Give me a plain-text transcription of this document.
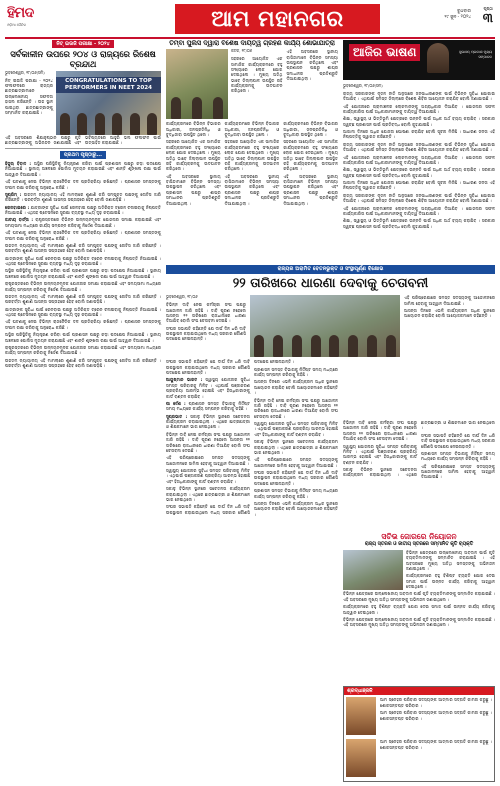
ହିମଦ
ଓଡ଼ିଆ ଦୈନିକ	ଆମ ମହାନଗର	ବୁଧବାର
୧୯ ଜୁନ - ୨୦୨୪
ପୃଷ୍ଠା
୩
ନିଟ୍ ଇଉଜି ପରୀକ୍ଷା - ୨୦୨୪
ସର୍ବକାଳୀନ ଉପରେ ୨୦୪ ଓ ରାଜ୍ୟରେ ରିଶେଷ ବ୍ରନ୍ଦାଥ
ଭୁବନେଶ୍ୱର, ୧୮/୦୬(ସମି)

ନିଟ୍ ଇଉଜି ପରୀକ୍ଷା - ୨୦୨୪ ଫଳାଫଳରେ ରାଜ୍ୟର ଛାତ୍ରଛାତ୍ରୀମାନେ ଉଲ୍ଲେଖନୀୟ ସଫଳତା ହାସଲ କରିଛନ୍ତି । ଉଚ୍ଚ ସ୍ଥାନ ପାଇଥିବା ଛାତ୍ରଛାତ୍ରୀଙ୍କୁ ସମ୍ମାନିତ କରାଯାଇଛି ।

CONGRATULATIONS TO TOP PERFORMERS IN NEET 2024

ଏହି ଅବସରରେ ଶିକ୍ଷାନୁଷ୍ଠାନ ପକ୍ଷରୁ କୃତି ଛାତ୍ରଛାତ୍ରୀଙ୍କୁ ଅଭିନନ୍ଦନ ଜଣାଯାଇଛି ଏବଂ ଭବିଷ୍ୟତରେ ଆହୁରି ଭଲ ଫଳାଫଳ ପାଇଁ ଉତ୍ସାହିତ କରାଯାଇଛି ।

ପ୍ରଥମ ପୃଷ୍ଠାରୁ...

ହିଜୁଲ୍ ବିବାଦ : ଅସ୍ଥିର ପରିସ୍ଥିତିକୁ ନିୟନ୍ତ୍ରଣ କରିବା ପାଇଁ ପ୍ରଶାସନ ପକ୍ଷରୁ କଡ଼ା ପଦକ୍ଷେପ ନିଆଯାଇଛି । ସ୍ଥାନୀୟ ଅଞ୍ଚଳରେ ପୋଲିସ ମୁତୟନ କରାଯାଇଛି ଏବଂ ଶାନ୍ତି ଶୃଙ୍ଖଳା ରକ୍ଷା ପାଇଁ ଆହ୍ୱାନ ଦିଆଯାଇଛି ।

ଏହି ଘଟଣାକୁ ନେଇ ବିଭିନ୍ନ ରାଜନୈତିକ ଦଳ ପ୍ରତିକ୍ରିୟା ରଖିଛନ୍ତି । ପ୍ରଶାସନ ସମସ୍ତଙ୍କୁ ସଂଯମ ରକ୍ଷା କରିବାକୁ ଅନୁରୋଧ କରିଛି ।

ସୁପ୍ରିମ୍ : ଉଚ୍ଚତମ ନ୍ୟାୟାଳୟ ଏହି ମାମଲାରେ ଶୁଣାଣି କରି ସମ୍ପୃକ୍ତ ପକ୍ଷଙ୍କୁ ନୋଟିସ ଜାରି କରିଛନ୍ତି । ପରବର୍ତ୍ତୀ ଶୁଣାଣି ଆସନ୍ତା ସପ୍ତାହରେ ହେବ ବୋଲି ଜଣାପଡ଼ିଛି ।

ରେଳବାଇରେ : ଯାତ୍ରୀଙ୍କ ସୁବିଧା ପାଇଁ ରେଳବାଇ ପକ୍ଷରୁ ଅତିରିକ୍ତ ଟ୍ରେନ ଚଳାଇବାକୁ ନିଷ୍ପତ୍ତି ନିଆଯାଇଛି । ଏଥିସହ ଷ୍ଟେସନରେ ସୁରକ୍ଷା ବ୍ୟବସ୍ଥା ମଧ୍ୟ ଦୃଢ଼ କରାଯାଇଛି ।

ଜାତୀୟ ବାର୍ତ୍ତା : ରାଷ୍ଟ୍ରସ୍ତରରେ ବିଭିନ୍ନ ଉନ୍ନୟନମୂଳକ ଯୋଜନାର ସମୀକ୍ଷା କରାଯାଇଛି ଏବଂ ସମୟସୀମା ମଧ୍ୟରେ କାର୍ଯ୍ୟ ସମ୍ପନ୍ନ କରିବାକୁ ନିର୍ଦ୍ଦେଶ ଦିଆଯାଇଛି ।

ଏହି ଘଟଣାକୁ ନେଇ ବିଭିନ୍ନ ରାଜନୈତିକ ଦଳ ପ୍ରତିକ୍ରିୟା ରଖିଛନ୍ତି । ପ୍ରଶାସନ ସମସ୍ତଙ୍କୁ ସଂଯମ ରକ୍ଷା କରିବାକୁ ଅନୁରୋଧ କରିଛି ।

ଉଚ୍ଚତମ ନ୍ୟାୟାଳୟ ଏହି ମାମଲାରେ ଶୁଣାଣି କରି ସମ୍ପୃକ୍ତ ପକ୍ଷଙ୍କୁ ନୋଟିସ ଜାରି କରିଛନ୍ତି । ପରବର୍ତ୍ତୀ ଶୁଣାଣି ଆସନ୍ତା ସପ୍ତାହରେ ହେବ ବୋଲି ଜଣାପଡ଼ିଛି ।

ଯାତ୍ରୀଙ୍କ ସୁବିଧା ପାଇଁ ରେଳବାଇ ପକ୍ଷରୁ ଅତିରିକ୍ତ ଟ୍ରେନ ଚଳାଇବାକୁ ନିଷ୍ପତ୍ତି ନିଆଯାଇଛି । ଏଥିସହ ଷ୍ଟେସନରେ ସୁରକ୍ଷା ବ୍ୟବସ୍ଥା ମଧ୍ୟ ଦୃଢ଼ କରାଯାଇଛି ।

ଅସ୍ଥିର ପରିସ୍ଥିତିକୁ ନିୟନ୍ତ୍ରଣ କରିବା ପାଇଁ ପ୍ରଶାସନ ପକ୍ଷରୁ କଡ଼ା ପଦକ୍ଷେପ ନିଆଯାଇଛି । ସ୍ଥାନୀୟ ଅଞ୍ଚଳରେ ପୋଲିସ ମୁତୟନ କରାଯାଇଛି ଏବଂ ଶାନ୍ତି ଶୃଙ୍ଖଳା ରକ୍ଷା ପାଇଁ ଆହ୍ୱାନ ଦିଆଯାଇଛି ।

ରାଷ୍ଟ୍ରସ୍ତରରେ ବିଭିନ୍ନ ଉନ୍ନୟନମୂଳକ ଯୋଜନାର ସମୀକ୍ଷା କରାଯାଇଛି ଏବଂ ସମୟସୀମା ମଧ୍ୟରେ କାର୍ଯ୍ୟ ସମ୍ପନ୍ନ କରିବାକୁ ନିର୍ଦ୍ଦେଶ ଦିଆଯାଇଛି ।

ଉଚ୍ଚତମ ନ୍ୟାୟାଳୟ ଏହି ମାମଲାରେ ଶୁଣାଣି କରି ସମ୍ପୃକ୍ତ ପକ୍ଷଙ୍କୁ ନୋଟିସ ଜାରି କରିଛନ୍ତି । ପରବର୍ତ୍ତୀ ଶୁଣାଣି ଆସନ୍ତା ସପ୍ତାହରେ ହେବ ବୋଲି ଜଣାପଡ଼ିଛି ।

ଯାତ୍ରୀଙ୍କ ସୁବିଧା ପାଇଁ ରେଳବାଇ ପକ୍ଷରୁ ଅତିରିକ୍ତ ଟ୍ରେନ ଚଳାଇବାକୁ ନିଷ୍ପତ୍ତି ନିଆଯାଇଛି । ଏଥିସହ ଷ୍ଟେସନରେ ସୁରକ୍ଷା ବ୍ୟବସ୍ଥା ମଧ୍ୟ ଦୃଢ଼ କରାଯାଇଛି ।

ଏହି ଘଟଣାକୁ ନେଇ ବିଭିନ୍ନ ରାଜନୈତିକ ଦଳ ପ୍ରତିକ୍ରିୟା ରଖିଛନ୍ତି । ପ୍ରଶାସନ ସମସ୍ତଙ୍କୁ ସଂଯମ ରକ୍ଷା କରିବାକୁ ଅନୁରୋଧ କରିଛି ।

ଅସ୍ଥିର ପରିସ୍ଥିତିକୁ ନିୟନ୍ତ୍ରଣ କରିବା ପାଇଁ ପ୍ରଶାସନ ପକ୍ଷରୁ କଡ଼ା ପଦକ୍ଷେପ ନିଆଯାଇଛି । ସ୍ଥାନୀୟ ଅଞ୍ଚଳରେ ପୋଲିସ ମୁତୟନ କରାଯାଇଛି ଏବଂ ଶାନ୍ତି ଶୃଙ୍ଖଳା ରକ୍ଷା ପାଇଁ ଆହ୍ୱାନ ଦିଆଯାଇଛି ।

ରାଷ୍ଟ୍ରସ୍ତରରେ ବିଭିନ୍ନ ଉନ୍ନୟନମୂଳକ ଯୋଜନାର ସମୀକ୍ଷା କରାଯାଇଛି ଏବଂ ସମୟସୀମା ମଧ୍ୟରେ କାର୍ଯ୍ୟ ସମ୍ପନ୍ନ କରିବାକୁ ନିର୍ଦ୍ଦେଶ ଦିଆଯାଇଛି ।

ଉଚ୍ଚତମ ନ୍ୟାୟାଳୟ ଏହି ମାମଲାରେ ଶୁଣାଣି କରି ସମ୍ପୃକ୍ତ ପକ୍ଷଙ୍କୁ ନୋଟିସ ଜାରି କରିଛନ୍ତି । ପରବର୍ତ୍ତୀ ଶୁଣାଣି ଆସନ୍ତା ସପ୍ତାହରେ ହେବ ବୋଲି ଜଣାପଡ଼ିଛି ।

ତିମ୍ବା ପୁଲିସ ଦ୍ୱାରା ବିଶେଷ ଦାୟିତ୍ୱ ଗ୍ରହଣ କାର୍ଯ୍ୟ ଶୋଭାଯାତ୍ରା
କଟକ, ୧୮/୦୬

ସହରରେ ଆୟୋଜିତ ଏକ ସାମାଜିକ କାର୍ଯ୍ୟକ୍ରମରେ ବହୁ ସଂଖ୍ୟାରେ ଲୋକ ଯୋଗ ଦେଇଥିଲେ । ମୁଖ୍ୟ ଅତିଥି ଭାବେ ଜିଲ୍ଲାପାଳ ଉପସ୍ଥିତ ରହି କାର୍ଯ୍ୟକ୍ରମକୁ ଉଦଘାଟନ କରିଥିଲେ ।

ଏହି ଅବସରରେ ସ୍ଥାନୀୟ ବାସିନ୍ଦାମାନେ ବିଭିନ୍ନ ସମସ୍ୟା ଉପସ୍ଥାପନ କରିଥିଲେ ଏବଂ ପ୍ରଶାସନ ପକ୍ଷରୁ ଶୀଘ୍ର ସମାଧାନର ପ୍ରତିଶ୍ରୁତି ଦିଆଯାଇଥିଲା ।

କାର୍ଯ୍ୟକ୍ରମରେ ବିଭିନ୍ନ ବିଭାଗର ଅଧିକାରୀ, ଜନପ୍ରତିନିଧି ଓ ବୁଦ୍ଧିଜୀବୀ ଉପସ୍ଥିତ ଥିଲେ ।

ସହରରେ ଆୟୋଜିତ ଏକ ସାମାଜିକ କାର୍ଯ୍ୟକ୍ରମରେ ବହୁ ସଂଖ୍ୟାରେ ଲୋକ ଯୋଗ ଦେଇଥିଲେ । ମୁଖ୍ୟ ଅତିଥି ଭାବେ ଜିଲ୍ଲାପାଳ ଉପସ୍ଥିତ ରହି କାର୍ଯ୍ୟକ୍ରମକୁ ଉଦଘାଟନ କରିଥିଲେ ।

ଏହି ଅବସରରେ ସ୍ଥାନୀୟ ବାସିନ୍ଦାମାନେ ବିଭିନ୍ନ ସମସ୍ୟା ଉପସ୍ଥାପନ କରିଥିଲେ ଏବଂ ପ୍ରଶାସନ ପକ୍ଷରୁ ଶୀଘ୍ର ସମାଧାନର ପ୍ରତିଶ୍ରୁତି ଦିଆଯାଇଥିଲା ।

କାର୍ଯ୍ୟକ୍ରମରେ ବିଭିନ୍ନ ବିଭାଗର ଅଧିକାରୀ, ଜନପ୍ରତିନିଧି ଓ ବୁଦ୍ଧିଜୀବୀ ଉପସ୍ଥିତ ଥିଲେ ।

ସହରରେ ଆୟୋଜିତ ଏକ ସାମାଜିକ କାର୍ଯ୍ୟକ୍ରମରେ ବହୁ ସଂଖ୍ୟାରେ ଲୋକ ଯୋଗ ଦେଇଥିଲେ । ମୁଖ୍ୟ ଅତିଥି ଭାବେ ଜିଲ୍ଲାପାଳ ଉପସ୍ଥିତ ରହି କାର୍ଯ୍ୟକ୍ରମକୁ ଉଦଘାଟନ କରିଥିଲେ ।

ଏହି ଅବସରରେ ସ୍ଥାନୀୟ ବାସିନ୍ଦାମାନେ ବିଭିନ୍ନ ସମସ୍ୟା ଉପସ୍ଥାପନ କରିଥିଲେ ଏବଂ ପ୍ରଶାସନ ପକ୍ଷରୁ ଶୀଘ୍ର ସମାଧାନର ପ୍ରତିଶ୍ରୁତି ଦିଆଯାଇଥିଲା ।

କାର୍ଯ୍ୟକ୍ରମରେ ବିଭିନ୍ନ ବିଭାଗର ଅଧିକାରୀ, ଜନପ୍ରତିନିଧି ଓ ବୁଦ୍ଧିଜୀବୀ ଉପସ୍ଥିତ ଥିଲେ ।

ସହରରେ ଆୟୋଜିତ ଏକ ସାମାଜିକ କାର୍ଯ୍ୟକ୍ରମରେ ବହୁ ସଂଖ୍ୟାରେ ଲୋକ ଯୋଗ ଦେଇଥିଲେ । ମୁଖ୍ୟ ଅତିଥି ଭାବେ ଜିଲ୍ଲାପାଳ ଉପସ୍ଥିତ ରହି କାର୍ଯ୍ୟକ୍ରମକୁ ଉଦଘାଟନ କରିଥିଲେ ।

ଏହି ଅବସରରେ ସ୍ଥାନୀୟ ବାସିନ୍ଦାମାନେ ବିଭିନ୍ନ ସମସ୍ୟା ଉପସ୍ଥାପନ କରିଥିଲେ ଏବଂ ପ୍ରଶାସନ ପକ୍ଷରୁ ଶୀଘ୍ର ସମାଧାନର ପ୍ରତିଶ୍ରୁତି ଦିଆଯାଇଥିଲା ।

ଆଜିର ଭାଷଣ	ସୁଭାସନ୍ ପ୍ରକାଶ ମୁଖ୍ୟ ସମ୍ପାଦକ
ଭୁବନେଶ୍ୱର, ୧୮/୦୬(ସମି)

ରାଜ୍ୟ ସରକାରଙ୍କ ନୂତନ ନୀତି ଅନୁସାରେ ଜନସାଧାରଣଙ୍କ ପାଇଁ ବିଭିନ୍ନ ସୁବିଧା ଯୋଗାଇ ଦିଆଯିବ । ଏଥିପାଇଁ ସମସ୍ତ ଜିଲ୍ଲାରେ ବିଶେଷ ଶିବିର ଆୟୋଜନ କରାଯିବ ବୋଲି ଜଣାଯାଇଛି ।

ଏହି ଯୋଜନାରେ ଗ୍ରାମାଞ୍ଚଳର ଲୋକମାନଙ୍କୁ ଅଗ୍ରାଧିକାର ଦିଆଯିବ । ଯୋଜନାର ସଫଳ କାର୍ଯ୍ୟକାରିତା ପାଇଁ ଅଧିକାରୀମାନଙ୍କୁ ଦାୟିତ୍ୱ ଦିଆଯାଇଛି ।

ଶିକ୍ଷା, ସ୍ୱାସ୍ଥ୍ୟ ଓ ଭିତ୍ତିଭୂମି କ୍ଷେତ୍ରରେ ଉନ୍ନତି ପାଇଁ ଅଧିକ ଅର୍ଥ ବ୍ୟୟ କରାଯିବ । ସରକାର ସ୍ୱଚ୍ଛ ପ୍ରଶାସନ ପାଇଁ ପ୍ରତିବଦ୍ଧ ବୋଲି କୁହାଯାଇଛି ।

ଆଗାମୀ ଦିନରେ ଅଧିକ ଯୋଜନା ଘୋଷଣା କରାଯିବ ବୋଲି ସୂଚନା ମିଳିଛି । ସାଧାରଣ ଜନତା ଏହି ନିଷ୍ପତ୍ତିକୁ ସ୍ୱାଗତ କରିଛନ୍ତି ।

ରାଜ୍ୟ ସରକାରଙ୍କ ନୂତନ ନୀତି ଅନୁସାରେ ଜନସାଧାରଣଙ୍କ ପାଇଁ ବିଭିନ୍ନ ସୁବିଧା ଯୋଗାଇ ଦିଆଯିବ । ଏଥିପାଇଁ ସମସ୍ତ ଜିଲ୍ଲାରେ ବିଶେଷ ଶିବିର ଆୟୋଜନ କରାଯିବ ବୋଲି ଜଣାଯାଇଛି ।

ଏହି ଯୋଜନାରେ ଗ୍ରାମାଞ୍ଚଳର ଲୋକମାନଙ୍କୁ ଅଗ୍ରାଧିକାର ଦିଆଯିବ । ଯୋଜନାର ସଫଳ କାର୍ଯ୍ୟକାରିତା ପାଇଁ ଅଧିକାରୀମାନଙ୍କୁ ଦାୟିତ୍ୱ ଦିଆଯାଇଛି ।

ଶିକ୍ଷା, ସ୍ୱାସ୍ଥ୍ୟ ଓ ଭିତ୍ତିଭୂମି କ୍ଷେତ୍ରରେ ଉନ୍ନତି ପାଇଁ ଅଧିକ ଅର୍ଥ ବ୍ୟୟ କରାଯିବ । ସରକାର ସ୍ୱଚ୍ଛ ପ୍ରଶାସନ ପାଇଁ ପ୍ରତିବଦ୍ଧ ବୋଲି କୁହାଯାଇଛି ।

ଆଗାମୀ ଦିନରେ ଅଧିକ ଯୋଜନା ଘୋଷଣା କରାଯିବ ବୋଲି ସୂଚନା ମିଳିଛି । ସାଧାରଣ ଜନତା ଏହି ନିଷ୍ପତ୍ତିକୁ ସ୍ୱାଗତ କରିଛନ୍ତି ।

ରାଜ୍ୟ ସରକାରଙ୍କ ନୂତନ ନୀତି ଅନୁସାରେ ଜନସାଧାରଣଙ୍କ ପାଇଁ ବିଭିନ୍ନ ସୁବିଧା ଯୋଗାଇ ଦିଆଯିବ । ଏଥିପାଇଁ ସମସ୍ତ ଜିଲ୍ଲାରେ ବିଶେଷ ଶିବିର ଆୟୋଜନ କରାଯିବ ବୋଲି ଜଣାଯାଇଛି ।

ଏହି ଯୋଜନାରେ ଗ୍ରାମାଞ୍ଚଳର ଲୋକମାନଙ୍କୁ ଅଗ୍ରାଧିକାର ଦିଆଯିବ । ଯୋଜନାର ସଫଳ କାର୍ଯ୍ୟକାରିତା ପାଇଁ ଅଧିକାରୀମାନଙ୍କୁ ଦାୟିତ୍ୱ ଦିଆଯାଇଛି ।

ଶିକ୍ଷା, ସ୍ୱାସ୍ଥ୍ୟ ଓ ଭିତ୍ତିଭୂମି କ୍ଷେତ୍ରରେ ଉନ୍ନତି ପାଇଁ ଅଧିକ ଅର୍ଥ ବ୍ୟୟ କରାଯିବ । ସରକାର ସ୍ୱଚ୍ଛ ପ୍ରଶାସନ ପାଇଁ ପ୍ରତିବଦ୍ଧ ବୋଲି କୁହାଯାଇଛି ।

ରାଜ୍ୟର ଅରାମିତ ବେତନଭୁକ୍ତ ଓ ସଂସ୍ଥାପୂର୍ଣ୍ଣ ବିକ୍ଷୋଭ
୨୨ ତାରିଖରେ ଧାରଣା ଦେବାକୁ ଚେତାବନୀ
ଭୁବନେଶ୍ୱର, ୧୮/୦୬

ବିଭିନ୍ନ ଦାବି ନେଇ କର୍ମଚାରୀ ସଂଘ ପକ୍ଷରୁ ଆନ୍ଦୋଳନ ଜାରି ରହିଛି । ଦାବି ପୂରଣ ନହେଲେ ଆସନ୍ତା ୨୨ ତାରିଖରେ ରାଜଧାନୀରେ ଧାରଣା ଦିଆଯିବ ବୋଲି ସଂଘ ଚେତାବନୀ ଦେଇଛି ।

ସଂଘର ସଭାପତି କହିଛନ୍ତି ଯେ ଦୀର୍ଘ ଦିନ ଧରି ଦାବି ଉପସ୍ଥାପନ କରାଯାଉଥିଲେ ମଧ୍ୟ ସରକାର କୌଣସି ପଦକ୍ଷେପ ନେଇନାହାନ୍ତି ।

ଏହି ପରିପ୍ରେକ୍ଷୀରେ ସମସ୍ତ ସଦସ୍ୟଙ୍କୁ ଆନ୍ଦୋଳନରେ ସାମିଲ ହେବାକୁ ଆହ୍ୱାନ ଦିଆଯାଇଛି ।

ଆସନ୍ତା ଦିନରେ ଏଭଳି କାର୍ଯ୍ୟକ୍ରମ ଅଧିକ ସ୍ଥାନରେ ଆୟୋଜନ କରାଯିବ ବୋଲି ଆୟୋଜକମାନେ କହିଛନ୍ତି ।

ସଂଘର ସଭାପତି କହିଛନ୍ତି ଯେ ଦୀର୍ଘ ଦିନ ଧରି ଦାବି ଉପସ୍ଥାପନ କରାଯାଉଥିଲେ ମଧ୍ୟ ସରକାର କୌଣସି ପଦକ୍ଷେପ ନେଇନାହାନ୍ତି ।

ଆୟୁଷ୍ମାନ ଭାରତ : ସ୍ୱାସ୍ଥ୍ୟ ଯୋଜନାର ସୁବିଧା ସମସ୍ତ ପରିବାରକୁ ମିଳିବ । ଏଥିପାଇଁ ପଞ୍ଜୀକରଣ ପ୍ରକ୍ରିୟା ଆରମ୍ଭ ହୋଇଛି ଏବଂ ହିତାଧିକାରୀଙ୍କୁ କାର୍ଡ ବଣ୍ଟନ କରାଯିବ ।

ପୀ ର୍ଦ୍ଦେଶ : ପ୍ରଶାସନ ସମସ୍ତ ବିଭାଗକୁ ନିର୍ଦ୍ଦିଷ୍ଟ ସମୟ ମଧ୍ୟରେ କାର୍ଯ୍ୟ ସମ୍ପନ୍ନ କରିବାକୁ କହିଛି ।

ସୁପ୍ରଭାତ : ସକାଳୁ ବିଭିନ୍ନ ସ୍ଥାନରେ ସଚେତନତା କାର୍ଯ୍ୟକ୍ରମ କରାଯାଇଥିଲା । ଏଥିରେ ଛାତ୍ରଛାତ୍ରୀ ଓ ଶିକ୍ଷକମାନେ ଭାଗ ନେଇଥିଲେ ।

ବିଭିନ୍ନ ଦାବି ନେଇ କର୍ମଚାରୀ ସଂଘ ପକ୍ଷରୁ ଆନ୍ଦୋଳନ ଜାରି ରହିଛି । ଦାବି ପୂରଣ ନହେଲେ ଆସନ୍ତା ୨୨ ତାରିଖରେ ରାଜଧାନୀରେ ଧାରଣା ଦିଆଯିବ ବୋଲି ସଂଘ ଚେତାବନୀ ଦେଇଛି ।

ଏହି ପରିପ୍ରେକ୍ଷୀରେ ସମସ୍ତ ସଦସ୍ୟଙ୍କୁ ଆନ୍ଦୋଳନରେ ସାମିଲ ହେବାକୁ ଆହ୍ୱାନ ଦିଆଯାଇଛି ।

ସ୍ୱାସ୍ଥ୍ୟ ଯୋଜନାର ସୁବିଧା ସମସ୍ତ ପରିବାରକୁ ମିଳିବ । ଏଥିପାଇଁ ପଞ୍ଜୀକରଣ ପ୍ରକ୍ରିୟା ଆରମ୍ଭ ହୋଇଛି ଏବଂ ହିତାଧିକାରୀଙ୍କୁ କାର୍ଡ ବଣ୍ଟନ କରାଯିବ ।

ସକାଳୁ ବିଭିନ୍ନ ସ୍ଥାନରେ ସଚେତନତା କାର୍ଯ୍ୟକ୍ରମ କରାଯାଇଥିଲା । ଏଥିରେ ଛାତ୍ରଛାତ୍ରୀ ଓ ଶିକ୍ଷକମାନେ ଭାଗ ନେଇଥିଲେ ।

ସଂଘର ସଭାପତି କହିଛନ୍ତି ଯେ ଦୀର୍ଘ ଦିନ ଧରି ଦାବି ଉପସ୍ଥାପନ କରାଯାଉଥିଲେ ମଧ୍ୟ ସରକାର କୌଣସି ପଦକ୍ଷେପ ନେଇନାହାନ୍ତି ।

ପ୍ରଶାସନ ସମସ୍ତ ବିଭାଗକୁ ନିର୍ଦ୍ଦିଷ୍ଟ ସମୟ ମଧ୍ୟରେ କାର୍ଯ୍ୟ ସମ୍ପନ୍ନ କରିବାକୁ କହିଛି ।

ଆସନ୍ତା ଦିନରେ ଏଭଳି କାର୍ଯ୍ୟକ୍ରମ ଅଧିକ ସ୍ଥାନରେ ଆୟୋଜନ କରାଯିବ ବୋଲି ଆୟୋଜକମାନେ କହିଛନ୍ତି ।

ବିଭିନ୍ନ ଦାବି ନେଇ କର୍ମଚାରୀ ସଂଘ ପକ୍ଷରୁ ଆନ୍ଦୋଳନ ଜାରି ରହିଛି । ଦାବି ପୂରଣ ନହେଲେ ଆସନ୍ତା ୨୨ ତାରିଖରେ ରାଜଧାନୀରେ ଧାରଣା ଦିଆଯିବ ବୋଲି ସଂଘ ଚେତାବନୀ ଦେଇଛି ।

ସ୍ୱାସ୍ଥ୍ୟ ଯୋଜନାର ସୁବିଧା ସମସ୍ତ ପରିବାରକୁ ମିଳିବ । ଏଥିପାଇଁ ପଞ୍ଜୀକରଣ ପ୍ରକ୍ରିୟା ଆରମ୍ଭ ହୋଇଛି ଏବଂ ହିତାଧିକାରୀଙ୍କୁ କାର୍ଡ ବଣ୍ଟନ କରାଯିବ ।

ସକାଳୁ ବିଭିନ୍ନ ସ୍ଥାନରେ ସଚେତନତା କାର୍ଯ୍ୟକ୍ରମ କରାଯାଇଥିଲା । ଏଥିରେ ଛାତ୍ରଛାତ୍ରୀ ଓ ଶିକ୍ଷକମାନେ ଭାଗ ନେଇଥିଲେ ।

ଏହି ପରିପ୍ରେକ୍ଷୀରେ ସମସ୍ତ ସଦସ୍ୟଙ୍କୁ ଆନ୍ଦୋଳନରେ ସାମିଲ ହେବାକୁ ଆହ୍ୱାନ ଦିଆଯାଇଛି ।

ସଂଘର ସଭାପତି କହିଛନ୍ତି ଯେ ଦୀର୍ଘ ଦିନ ଧରି ଦାବି ଉପସ୍ଥାପନ କରାଯାଉଥିଲେ ମଧ୍ୟ ସରକାର କୌଣସି ପଦକ୍ଷେପ ନେଇନାହାନ୍ତି ।

ପ୍ରଶାସନ ସମସ୍ତ ବିଭାଗକୁ ନିର୍ଦ୍ଦିଷ୍ଟ ସମୟ ମଧ୍ୟରେ କାର୍ଯ୍ୟ ସମ୍ପନ୍ନ କରିବାକୁ କହିଛି ।

ଆସନ୍ତା ଦିନରେ ଏଭଳି କାର୍ଯ୍ୟକ୍ରମ ଅଧିକ ସ୍ଥାନରେ ଆୟୋଜନ କରାଯିବ ବୋଲି ଆୟୋଜକମାନେ କହିଛନ୍ତି ।

ବିଭିନ୍ନ ଦାବି ନେଇ କର୍ମଚାରୀ ସଂଘ ପକ୍ଷରୁ ଆନ୍ଦୋଳନ ଜାରି ରହିଛି । ଦାବି ପୂରଣ ନହେଲେ ଆସନ୍ତା ୨୨ ତାରିଖରେ ରାଜଧାନୀରେ ଧାରଣା ଦିଆଯିବ ବୋଲି ସଂଘ ଚେତାବନୀ ଦେଇଛି ।

ସ୍ୱାସ୍ଥ୍ୟ ଯୋଜନାର ସୁବିଧା ସମସ୍ତ ପରିବାରକୁ ମିଳିବ । ଏଥିପାଇଁ ପଞ୍ଜୀକରଣ ପ୍ରକ୍ରିୟା ଆରମ୍ଭ ହୋଇଛି ଏବଂ ହିତାଧିକାରୀଙ୍କୁ କାର୍ଡ ବଣ୍ଟନ କରାଯିବ ।

ସକାଳୁ ବିଭିନ୍ନ ସ୍ଥାନରେ ସଚେତନତା କାର୍ଯ୍ୟକ୍ରମ କରାଯାଇଥିଲା । ଏଥିରେ ଛାତ୍ରଛାତ୍ରୀ ଓ ଶିକ୍ଷକମାନେ ଭାଗ ନେଇଥିଲେ ।

ସଂଘର ସଭାପତି କହିଛନ୍ତି ଯେ ଦୀର୍ଘ ଦିନ ଧରି ଦାବି ଉପସ୍ଥାପନ କରାଯାଉଥିଲେ ମଧ୍ୟ ସରକାର କୌଣସି ପଦକ୍ଷେପ ନେଇନାହାନ୍ତି ।

ପ୍ରଶାସନ ସମସ୍ତ ବିଭାଗକୁ ନିର୍ଦ୍ଦିଷ୍ଟ ସମୟ ମଧ୍ୟରେ କାର୍ଯ୍ୟ ସମ୍ପନ୍ନ କରିବାକୁ କହିଛି ।

ଏହି ପରିପ୍ରେକ୍ଷୀରେ ସମସ୍ତ ସଦସ୍ୟଙ୍କୁ ଆନ୍ଦୋଳନରେ ସାମିଲ ହେବାକୁ ଆହ୍ୱାନ ଦିଆଯାଇଛି ।

ସଚିଭ ଜୋରରେ ନିୟୋଜନ
ରାଜ୍ୟ ସ୍ତରର ଓ ଜାତୀୟ ସ୍ତରରେ ସମ୍ମାନିତ କୃତି ବ୍ୟକ୍ତି

ବିଭିନ୍ନ କ୍ଷେତ୍ରରେ ଉଲ୍ଲେଖନୀୟ ଅବଦାନ ପାଇଁ କୃତି ବ୍ୟକ୍ତିମାନଙ୍କୁ ସମ୍ମାନିତ କରାଯାଇଛି । ଏହି ଅବସରରେ ମୁଖ୍ୟ ଅତିଥି ସମସ୍ତଙ୍କୁ ଅଭିନନ୍ଦନ ଜଣାଇଥିଲେ ।

କାର୍ଯ୍ୟକ୍ରମରେ ବହୁ ବିଶିଷ୍ଟ ବ୍ୟକ୍ତି ଯୋଗ ଦେଇ ସମାଜ ପାଇଁ ଉନ୍ନତ କାର୍ଯ୍ୟ କରିବାକୁ ଆହ୍ୱାନ ଦେଇଥିଲେ ।

ବିଭିନ୍ନ କ୍ଷେତ୍ରରେ ଉଲ୍ଲେଖନୀୟ ଅବଦାନ ପାଇଁ କୃତି ବ୍ୟକ୍ତିମାନଙ୍କୁ ସମ୍ମାନିତ କରାଯାଇଛି । ଏହି ଅବସରରେ ମୁଖ୍ୟ ଅତିଥି ସମସ୍ତଙ୍କୁ ଅଭିନନ୍ଦନ ଜଣାଇଥିଲେ ।

କାର୍ଯ୍ୟକ୍ରମରେ ବହୁ ବିଶିଷ୍ଟ ବ୍ୟକ୍ତି ଯୋଗ ଦେଇ ସମାଜ ପାଇଁ ଉନ୍ନତ କାର୍ଯ୍ୟ କରିବାକୁ ଆହ୍ୱାନ ଦେଇଥିଲେ ।

ବିଭିନ୍ନ କ୍ଷେତ୍ରରେ ଉଲ୍ଲେଖନୀୟ ଅବଦାନ ପାଇଁ କୃତି ବ୍ୟକ୍ତିମାନଙ୍କୁ ସମ୍ମାନିତ କରାଯାଇଛି । ଏହି ଅବସରରେ ମୁଖ୍ୟ ଅତିଥି ସମସ୍ତଙ୍କୁ ଅଭିନନ୍ଦନ ଜଣାଇଥିଲେ ।

ଶ୍ରଦ୍ଧାଞ୍ଜଳି

ଆମ ସ୍ନେହର ପରିବାର ସଦସ୍ୟଙ୍କ ଆତ୍ମାର ସଦ୍ଗତି କାମନା କରୁଛୁ । ଶୋକସନ୍ତପ୍ତ ପରିବାର ।

ଆମ ସ୍ନେହର ପରିବାର ସଦସ୍ୟଙ୍କ ଆତ୍ମାର ସଦ୍ଗତି କାମନା କରୁଛୁ । ଶୋକସନ୍ତପ୍ତ ପରିବାର ।

ଆମ ସ୍ନେହର ପରିବାର ସଦସ୍ୟଙ୍କ ଆତ୍ମାର ସଦ୍ଗତି କାମନା କରୁଛୁ । ଶୋକସନ୍ତପ୍ତ ପରିବାର ।
